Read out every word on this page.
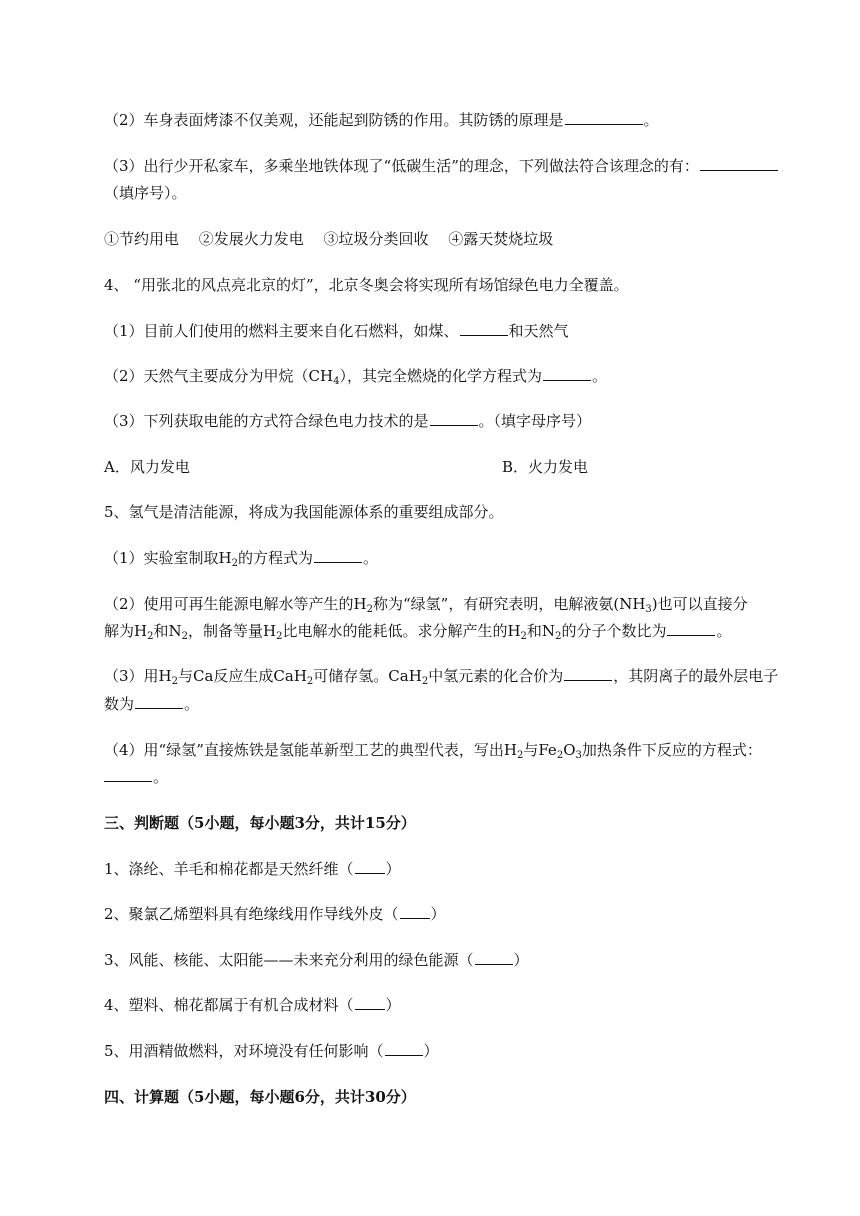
（2）车身表面烤漆不仅美观，还能起到防锈的作用。其防锈的原理是	。
（3）出行少开私家车，多乘坐地铁体现了“低碳生活”的理念，下列做法符合该理念的有：
（填序号）。
①节约用电　 ②发展火力发电　 ③垃圾分类回收　 ④露天焚烧垃圾
4、 “用张北的风点亮北京的灯”，北京冬奥会将实现所有场馆绿色电力全覆盖。
（1）目前人们使用的燃料主要来自化石燃料，如煤、	和天然气
（2）天然气主要成分为甲烷$(CH_4)$，其完全燃烧的化学方程式为	。
（3）下列获取电能的方式符合绿色电力技术的是	。（填字母序号）
A．风力发电	B．火力发电
5、氢气是清洁能源，将成为我国能源体系的重要组成部分。
（1）实验室制取$H_2$的方程式为	。
（2）使用可再生能源电解水等产生的$H_2$称为“绿氢”，有研究表明，电解液氨$(NH_3)$也可以直接分
解为$H_2$和$N_2$，制备等量$H_2$比电解水的能耗低。求分解产生的$H_2$和$N_2$的分子个数比为	。
（3）用$H_2$与Ca反应生成CaH$_2$可储存氢。CaH$_2$中氢元素的化合价为	，其阴离子的最外层电子
数为	。
（4）用“绿氢”直接炼铁是氢能革新型工艺的典型代表，写出$H_2$与$Fe_2O_3$加热条件下反应的方程式：
。
三、判断题（5小题，每小题3分，共计15分）
1、涤纶、羊毛和棉花都是天然纤维（ ）
2、聚氯乙烯塑料具有绝缘线用作导线外皮（ ）
3、风能、核能、太阳能——未来充分利用的绿色能源（	）
4、塑料、棉花都属于有机合成材料（ ）
5、用酒精做燃料，对环境没有任何影响（	）
四、计算题（5小题，每小题6分，共计30分）
